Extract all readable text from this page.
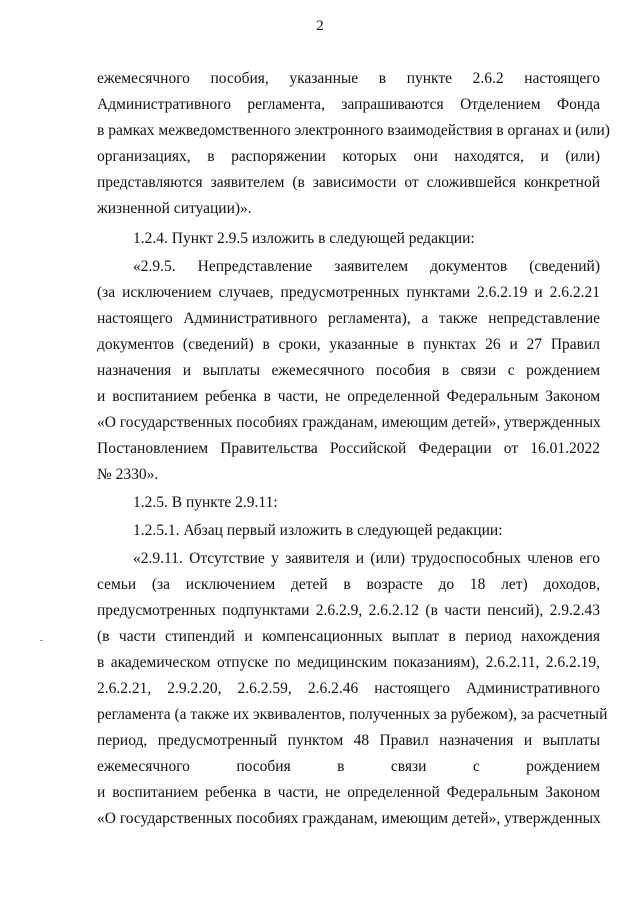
2
ежемесячного пособия, указанные в пункте 2.6.2 настоящего
Административного регламента, запрашиваются Отделением Фонда
в рамках межведомственного электронного взаимодействия в органах и (или)
организациях, в распоряжении которых они находятся, и (или)
представляются заявителем (в зависимости от сложившейся конкретной
жизненной ситуации)».
1.2.4. Пункт 2.9.5 изложить в следующей редакции:
«2.9.5. Непредставление заявителем документов (сведений)
(за исключением случаев, предусмотренных пунктами 2.6.2.19 и 2.6.2.21
настоящего Административного регламента), а также непредставление
документов (сведений) в сроки, указанные в пунктах 26 и 27 Правил
назначения и выплаты ежемесячного пособия в связи с рождением
и воспитанием ребенка в части, не определенной Федеральным Законом
«О государственных пособиях гражданам, имеющим детей», утвержденных
Постановлением Правительства Российской Федерации от 16.01.2022
№ 2330».
1.2.5. В пункте 2.9.11:
1.2.5.1. Абзац первый изложить в следующей редакции:
«2.9.11. Отсутствие у заявителя и (или) трудоспособных членов его
семьи (за исключением детей в возрасте до 18 лет) доходов,
предусмотренных подпунктами 2.6.2.9, 2.6.2.12 (в части пенсий), 2.9.2.43
(в части стипендий и компенсационных выплат в период нахождения
в академическом отпуске по медицинским показаниям), 2.6.2.11, 2.6.2.19,
2.6.2.21, 2.9.2.20, 2.6.2.59, 2.6.2.46 настоящего Административного
регламента (а также их эквивалентов, полученных за рубежом), за расчетный
период, предусмотренный пунктом 48 Правил назначения и выплаты
ежемесячного пособия в связи с рождением
и воспитанием ребенка в части, не определенной Федеральным Законом
«О государственных пособиях гражданам, имеющим детей», утвержденных
